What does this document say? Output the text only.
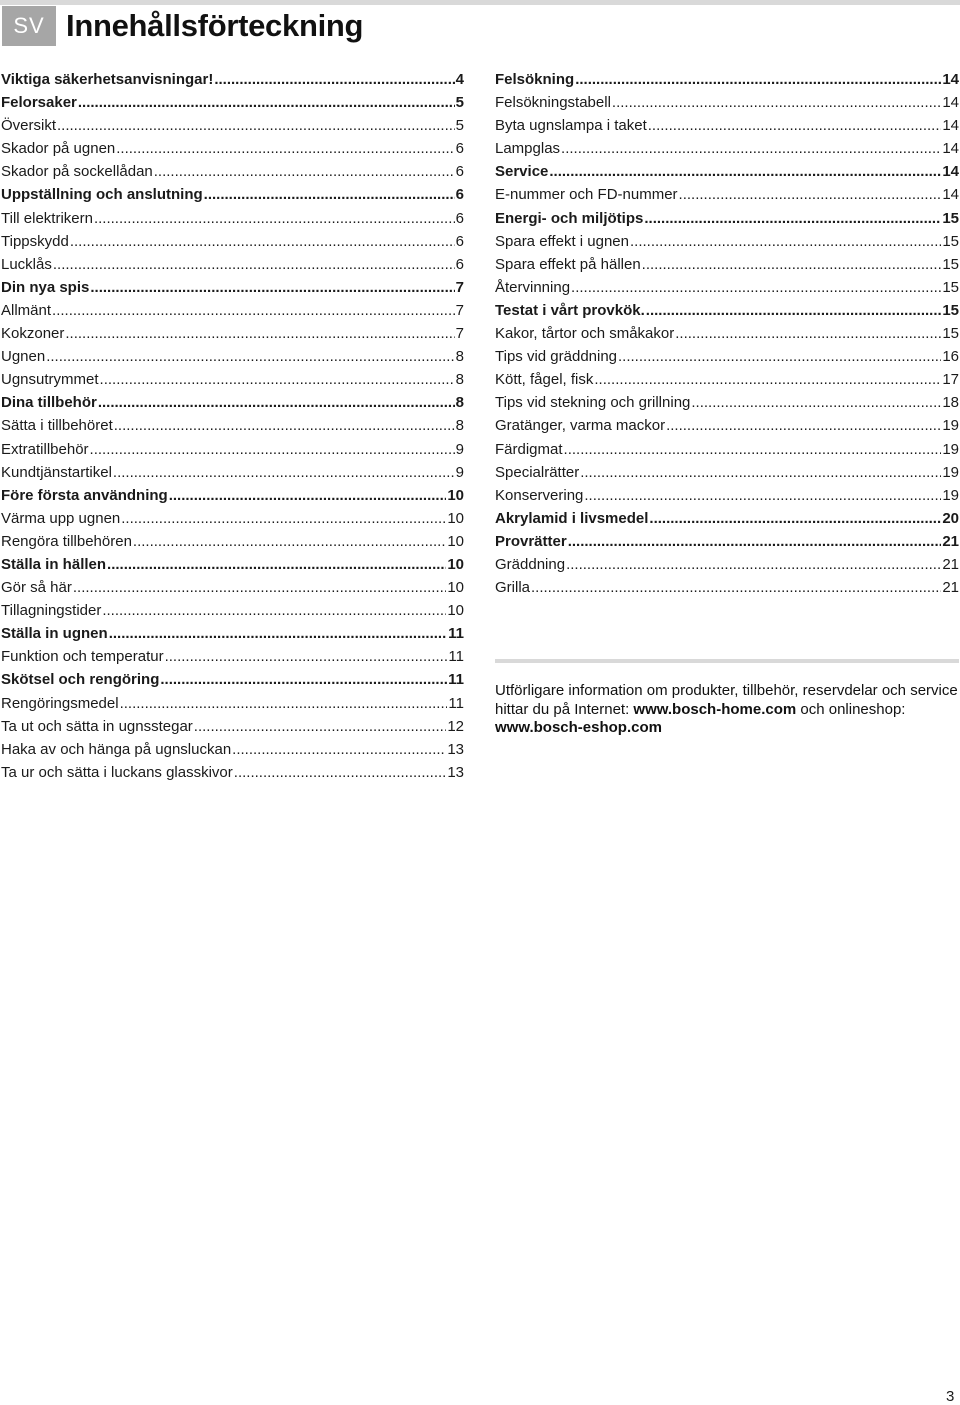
SV Innehållsförteckning
Viktiga säkerhetsanvisningar! .....	4
Felorsaker .....	5
Översikt .....	5
Skador på ugnen .....	6
Skador på sockellådan .....	6
Uppställning och anslutning .....	6
Till elektrikern .....	6
Tippskydd .....	6
Lucklås .....	6
Din nya spis .....	7
Allmänt .....	7
Kokzoner .....	7
Ugnen .....	8
Ugnsutrymmet .....	8
Dina tillbehör .....	8
Sätta i tillbehöret .....	8
Extratillbehör .....	9
Kundtjänstartikel .....	9
Före första användning .....	10
Värma upp ugnen .....	10
Rengöra tillbehören .....	10
Ställa in hällen .....	10
Gör så här .....	10
Tillagningstider .....	10
Ställa in ugnen .....	11
Funktion och temperatur .....	11
Skötsel och rengöring .....	11
Rengöringsmedel .....	11
Ta ut och sätta in ugnsstegar .....	12
Haka av och hänga på ugnsluckan .....	13
Ta ur och sätta i luckans glasskivor .....	13
Felsökning .....	14
Felsökningstabell .....	14
Byta ugnslampa i taket .....	14
Lampglas .....	14
Service .....	14
E-nummer och FD-nummer .....	14
Energi- och miljötips .....	15
Spara effekt i ugnen .....	15
Spara effekt på hällen .....	15
Återvinning .....	15
Testat i vårt provkök. .....	15
Kakor, tårtor och småkakor .....	15
Tips vid gräddning .....	16
Kött, fågel, fisk .....	17
Tips vid stekning och grillning .....	18
Gratänger, varma mackor .....	19
Färdigmat .....	19
Specialrätter .....	19
Konservering .....	19
Akrylamid i livsmedel .....	20
Provrätter .....	21
Gräddning .....	21
Grilla .....	21
Utförligare information om produkter, tillbehör, reservdelar och service hittar du på Internet: www.bosch-home.com och onlineshop: www.bosch-eshop.com
3
